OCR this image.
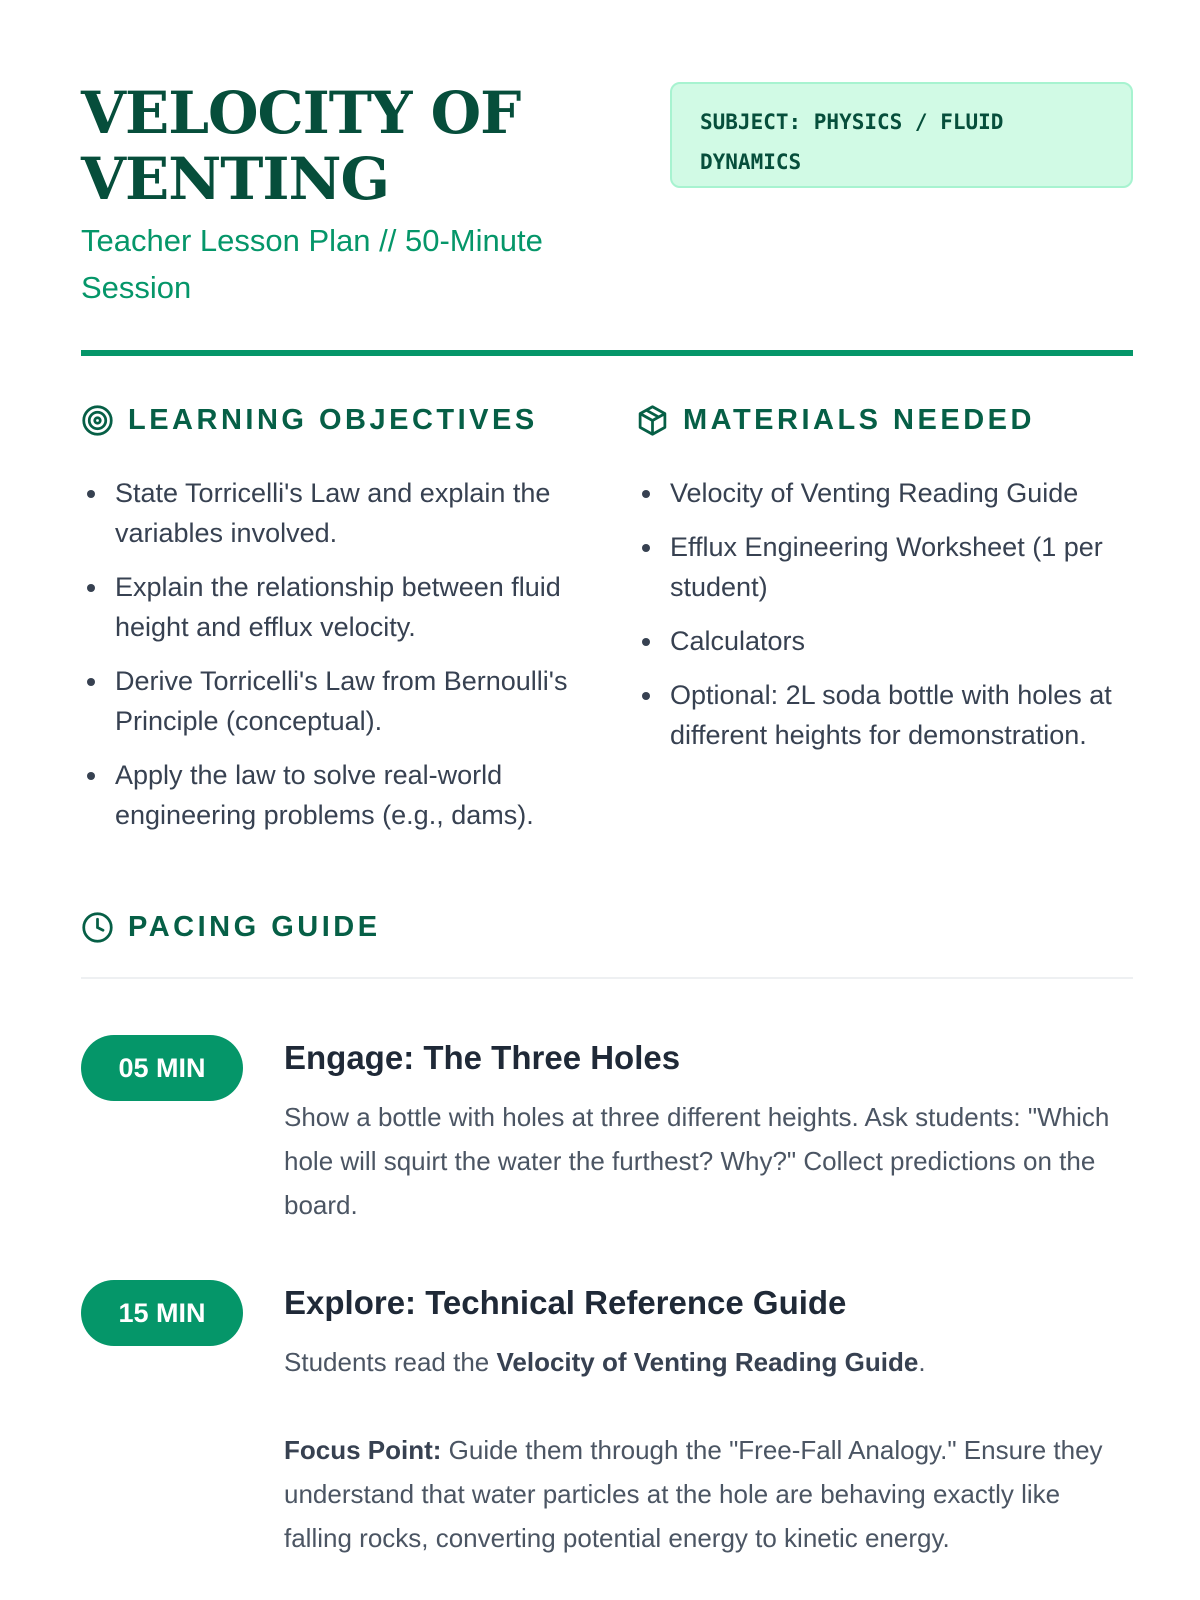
VELOCITY OF VENTING
Teacher Lesson Plan // 50-Minute Session
SUBJECT: PHYSICS / FLUID DYNAMICS
LEARNING OBJECTIVES
State Torricelli's Law and explain the variables involved.
Explain the relationship between fluid height and efflux velocity.
Derive Torricelli's Law from Bernoulli's Principle (conceptual).
Apply the law to solve real-world engineering problems (e.g., dams).
MATERIALS NEEDED
Velocity of Venting Reading Guide
Efflux Engineering Worksheet (1 per student)
Calculators
Optional: 2L soda bottle with holes at different heights for demonstration.
PACING GUIDE
05 MIN	Engage: The Three Holes

Show a bottle with holes at three different heights. Ask students: "Which hole will squirt the water the furthest? Why?" Collect predictions on the board.

15 MIN	Explore: Technical Reference Guide

Students read the Velocity of Venting Reading Guide.

Focus Point: Guide them through the "Free-Fall Analogy." Ensure they understand that water particles at the hole are behaving exactly like falling rocks, converting potential energy to kinetic energy.
